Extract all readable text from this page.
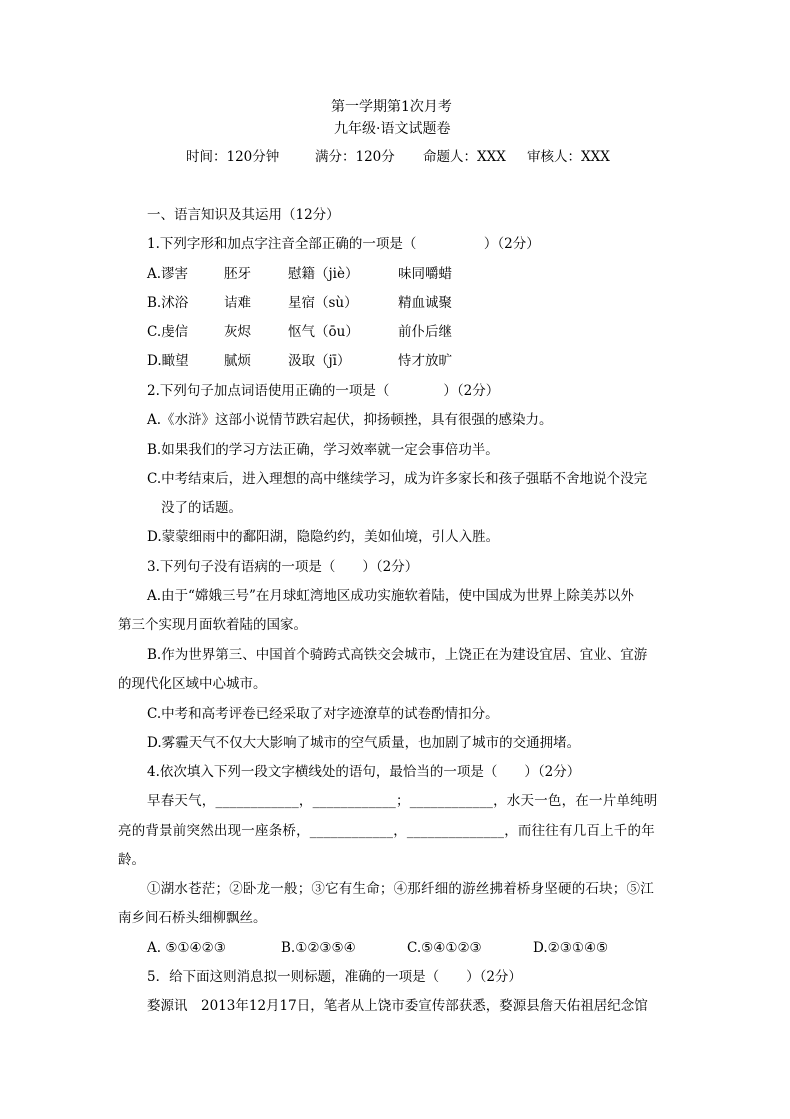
第一学期第1次月考
九年级·语文试题卷
时间：120分钟	满分：120分 命题人：XXX 审核人：XXX
一、语言知识及其运用（12分）
1.下列字形和加点字注音全部正确的一项是（　　　　　）（2分）
A.谬害	胚牙	慰籍（jiè）	味同嚼蜡
B.沭浴	诘难	星宿（sù）	精血诚聚
C.虔信	灰烬	怄气（ōu）	前仆后继
D.瞰望	腻烦	汲取（jī）	恃才放旷
2.下列句子加点词语使用正确的一项是（　　　　）（2分）
A.《水浒》这部小说情节跌宕起伏，抑扬顿挫，具有很强的感染力。
B.如果我们的学习方法正确，学习效率就一定会事倍功半。
C.中考结束后，进入理想的高中继续学习，成为许多家长和孩子强聒不舍地说个没完
没了的话题。
D.蒙蒙细雨中的鄱阳湖，隐隐约约，美如仙境，引人入胜。
3.下列句子没有语病的一项是（　　）（2分）
A.由于“嫦娥三号”在月球虹湾地区成功实施软着陆，使中国成为世界上除美苏以外
第三个实现月面软着陆的国家。
B.作为世界第三、中国首个骑跨式高铁交会城市，上饶正在为建设宜居、宜业、宜游
的现代化区域中心城市。
C.中考和高考评卷已经采取了对字迹潦草的试卷酌情扣分。
D.雾霾天气不仅大大影响了城市的空气质量，也加剧了城市的交通拥堵。
4.依次填入下列一段文字横线处的语句，最恰当的一项是（　　）（2分）
早春天气，____________，____________；____________，水天一色，在一片单纯明
亮的背景前突然出现一座条桥，____________，______________，而往往有几百上千的年
龄。
①湖水苍茫；②卧龙一般；③它有生命；④那纤细的游丝拂着桥身坚硬的石块；⑤江
南乡间石桥头细柳飘丝。
A. ⑤①④②③	B.①②③⑤④	C.⑤④①②③	D.②③①④⑤
5．给下面这则消息拟一则标题，准确的一项是（　　）（2分）
婺源讯　2013年12月17日，笔者从上饶市委宣传部获悉，婺源县詹天佑祖居纪念馆
